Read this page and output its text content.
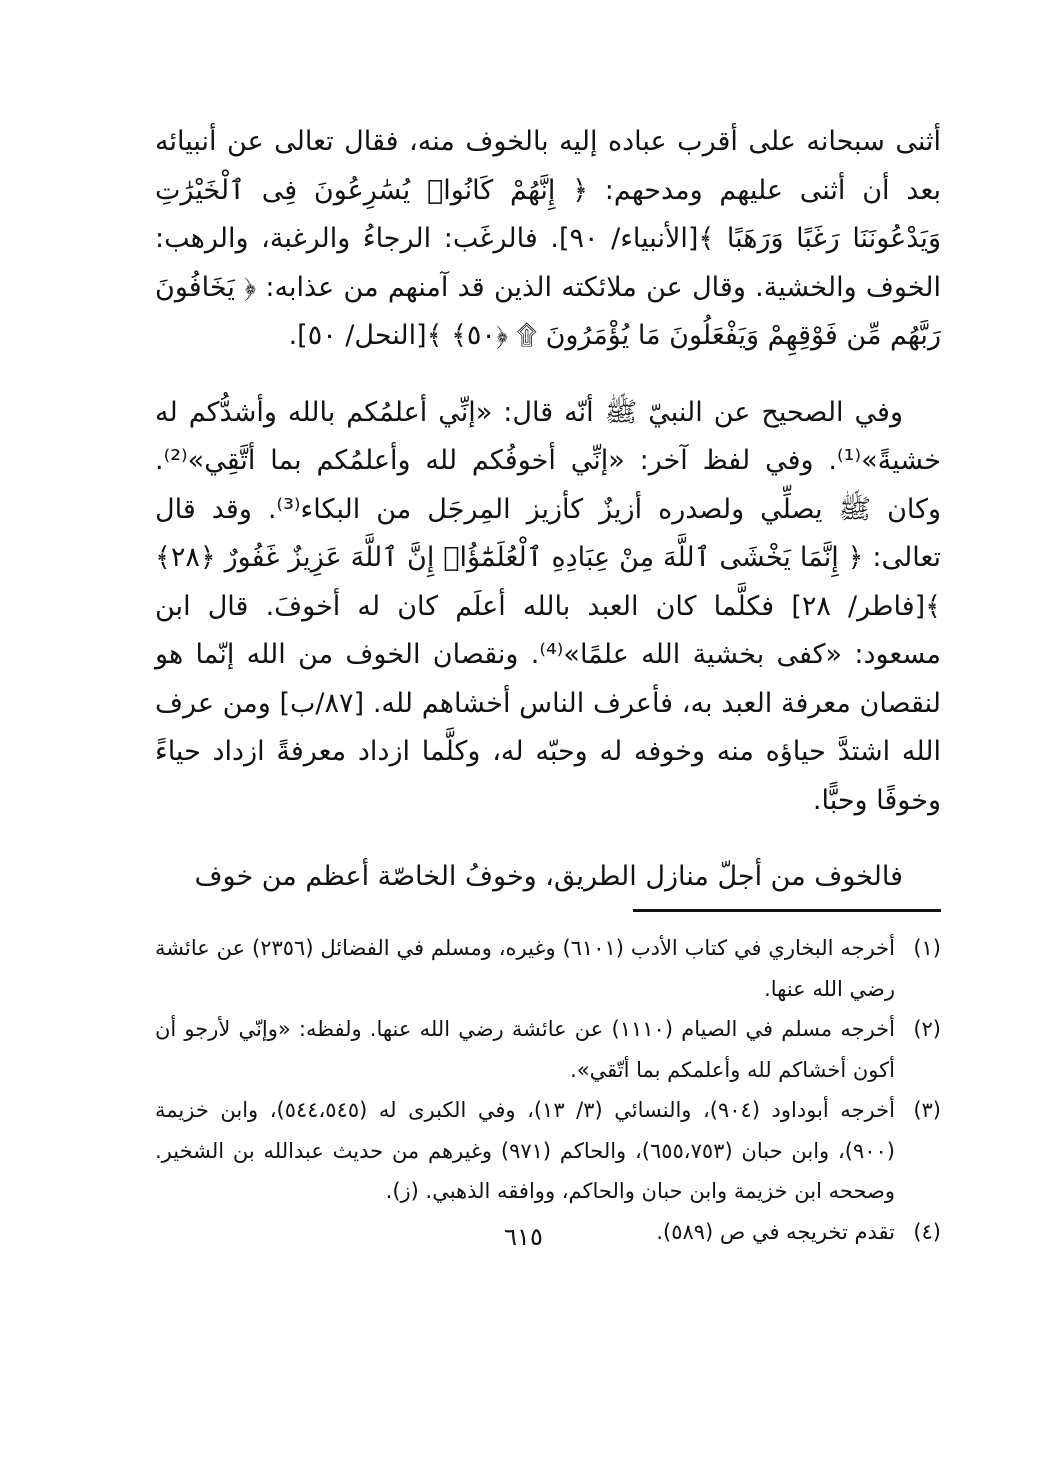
أثنى سبحانه على أقرب عباده إليه بالخوف منه، فقال تعالى عن أنبيائه بعد أن أثنى عليهم ومدحهم: ﴿ إِنَّهُمْ كَانُوا۟ يُسَٰرِعُونَ فِى ٱلْخَيْرَٰتِ وَيَدْعُونَنَا رَغَبًا وَرَهَبًا ﴾[الأنبياء/ ٩٠]. فالرغَب: الرجاءُ والرغبة، والرهب: الخوف والخشية. وقال عن ملائكته الذين قد آمنهم من عذابه: ﴿ يَخَافُونَ رَبَّهُم مِّن فَوْقِهِمْ وَيَفْعَلُونَ مَا يُؤْمَرُونَ ۩ ﴿٥٠﴾ ﴾[النحل/ ٥٠].

وفي الصحيح عن النبيّ ﷺ أنّه قال: «إنِّي أعلمُكم بالله وأشدُّكم له خشيةً»⁽¹⁾. وفي لفظ آخر: «إنِّي أخوفُكم لله وأعلمُكم بما أتَّقِي»⁽²⁾. وكان ﷺ يصلِّي ولصدره أزيزٌ كأزيز المِرجَل من البكاء⁽³⁾. وقد قال تعالى: ﴿ إِنَّمَا يَخْشَى ٱللَّهَ مِنْ عِبَادِهِ ٱلْعُلَمَٰٓؤُا۟ إِنَّ ٱللَّهَ عَزِيزٌ غَفُورٌ ﴿٢٨﴾ ﴾[فاطر/ ٢٨] فكلَّما كان العبد بالله أعلَم كان له أخوفَ. قال ابن مسعود: «كفى بخشية الله علمًا»⁽⁴⁾. ونقصان الخوف من الله إنّما هو لنقصان معرفة العبد به، فأعرف الناس أخشاهم لله. [٨٧/ب] ومن عرف الله اشتدَّ حياؤه منه وخوفه له وحبّه له، وكلَّما ازداد معرفةً ازداد حياءً وخوفًا وحبًّا.

فالخوف من أجلّ منازل الطريق، وخوفُ الخاصّة أعظم من خوف

(١)
أخرجه البخاري في كتاب الأدب (٦١٠١) وغيره، ومسلم في الفضائل (٢٣٥٦) عن عائشة رضي الله عنها.
(٢)
أخرجه مسلم في الصيام (١١١٠) عن عائشة رضي الله عنها. ولفظه: «وإنّي لأرجو أن أكون أخشاكم لله وأعلمكم بما أتّقي».
(٣)
أخرجه أبوداود (٩٠٤)، والنسائي (٣/ ١٣)، وفي الكبرى له (٥٤٤،٥٤٥)، وابن خزيمة (٩٠٠)، وابن حبان (٦٥٥،٧٥٣)، والحاكم (٩٧١) وغيرهم من حديث عبدالله بن الشخير. وصححه ابن خزيمة وابن حبان والحاكم، ووافقه الذهبي. (ز).
(٤)
تقدم تخريجه في ص (٥٨٩).
٦١٥
